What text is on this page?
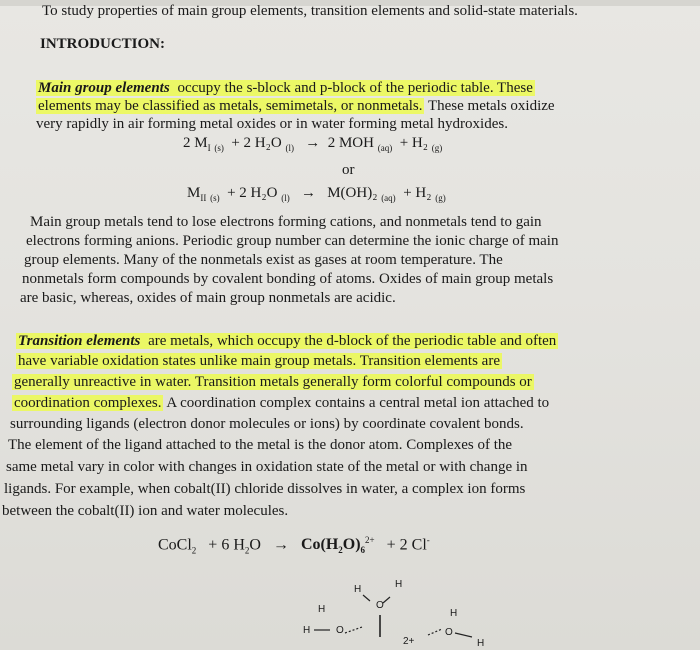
To study properties of main group elements, transition elements and solid-state materials.
INTRODUCTION:
Main group elements occupy the s-block and p-block of the periodic table. These
elements may be classified as metals, semimetals, or nonmetals. These metals oxidize
very rapidly in air forming metal oxides or in water forming metal hydroxides.
2 $M_I$ $_{(s)}$ + 2 H₂O $_{(l)}$ → 2 MOH $_{(aq)}$ + H₂ $_{(g)}$
or
$M_{II}$ $_{(s)}$ + 2 H₂O $_{(l)}$ → M(OH)₂ $_{(aq)}$ + H₂ $_{(g)}$
Main group metals tend to lose electrons forming cations, and nonmetals tend to gain
electrons forming anions. Periodic group number can determine the ionic charge of main
group elements. Many of the nonmetals exist as gases at room temperature. The
nonmetals form compounds by covalent bonding of atoms. Oxides of main group metals
are basic, whereas, oxides of main group nonmetals are acidic.
Transition elements are metals, which occupy the d-block of the periodic table and often
have variable oxidation states unlike main group metals. Transition elements are
generally unreactive in water. Transition metals generally form colorful compounds or
coordination complexes. A coordination complex contains a central metal ion attached to
surrounding ligands (electron donor molecules or ions) by coordinate covalent bonds.
The element of the ligand attached to the metal is the donor atom. Complexes of the
same metal vary in color with changes in oxidation state of the metal or with change in
ligands. For example, when cobalt(II) chloride dissolves in water, a complex ion forms
between the cobalt(II) ion and water molecules.
CoCl$_2$ + 6 $H_2O \to Co(H_2O)_6^{2+} + 2$ Cl-
H	H
O
H	H
H	O
2+
O
H
